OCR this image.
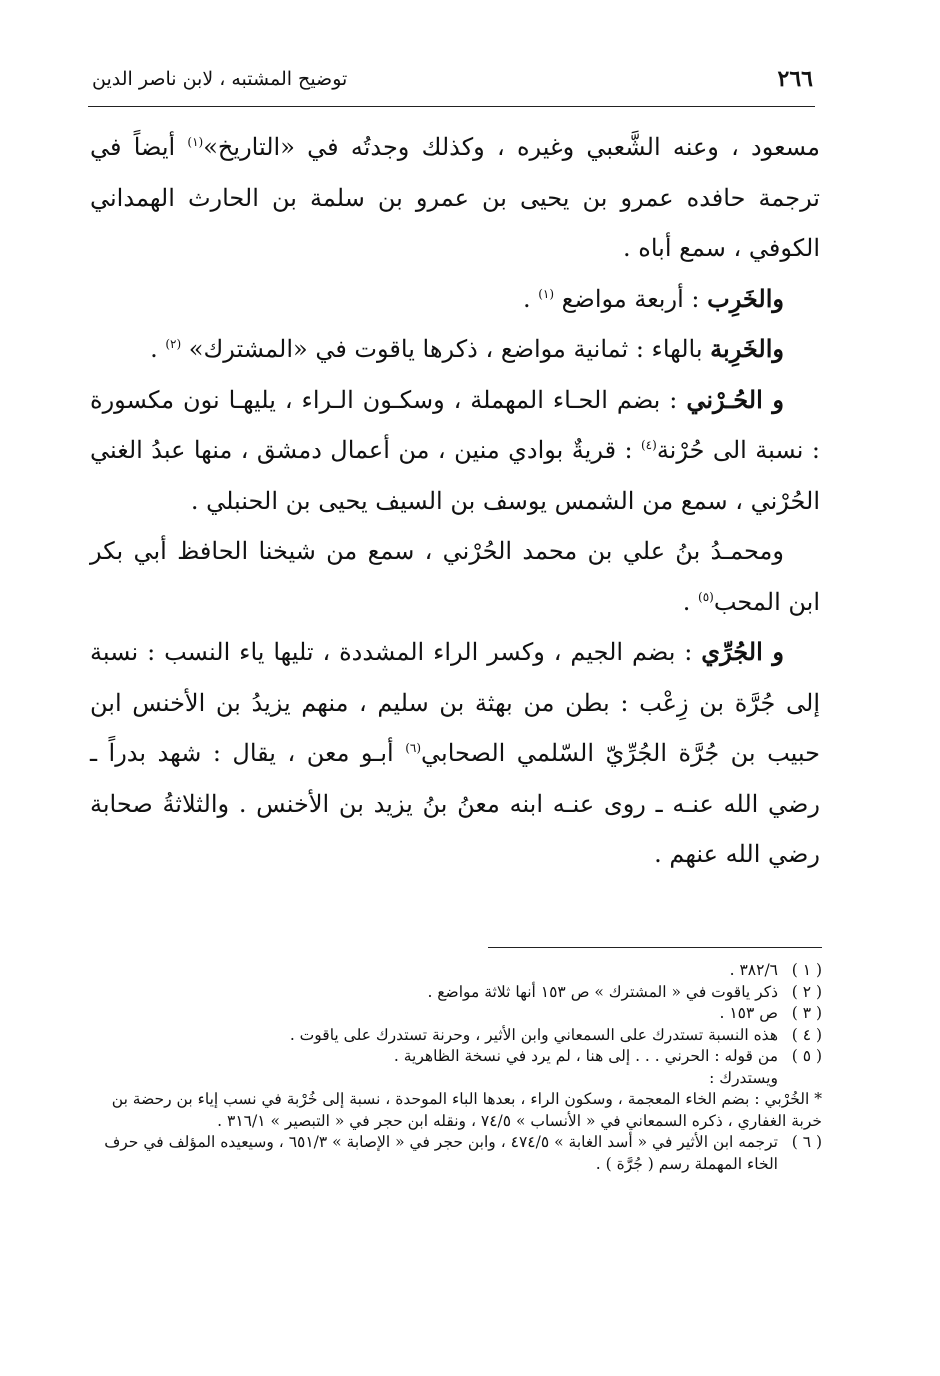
٢٦٦
توضيح المشتبه ، لابن ناصر الدين

مسعود ، وعنه الشَّعبي وغيره ، وكذلك وجدتُه في «التاريخ»$^{(١)}$ أيضاً في ترجمة حافده عمرو بن يحيى بن عمرو بن سلمة بن الحارث الهمداني الكوفي ، سمع أباه .

والخَرِب : أربعة مواضع $^{(١)}$ .

والخَرِبة بالهاء : ثمانية مواضع ، ذكرها ياقوت في «المشترك» $^{(٢)}$ .

و الحُـرْني : بضم الحـاء المهملة ، وسكـون الـراء ، يليهـا نون مكسورة : نسبة الى حُرْنة$^{(٤)}$ : قريةٌ بوادي منين ، من أعمال دمشق ، منها عبدُ الغني الحُرْني ، سمع من الشمس يوسف بن السيف يحيى بن الحنبلي .

ومحمـدُ بنُ علي بن محمد الحُرْني ، سمع من شيخنا الحافظ أبي بكر ابن المحب$^{(٥)}$ .

و الجُرِّي : بضم الجيم ، وكسر الراء المشددة ، تليها ياء النسب : نسبة إلى جُرَّة بن زِعْب : بطن من بهثة بن سليم ، منهم يزيدُ بن الأخنس ابن حبيب بن جُرَّة الجُرِّيّ السّلمي الصحابي$^{(٦)}$ أبـو معن ، يقال : شهد بدراً ـ رضي الله عنـه ـ روى عنـه ابنه معنُ بنُ يزيد بن الأخنس . والثلاثةُ صحابة رضي الله عنهم .

( ١ )
٣٨٢/٦ .

( ٢ )
ذكر ياقوت في « المشترك » ص ١٥٣ أنها ثلاثة مواضع .

( ٣ )
ص ١٥٣ .

( ٤ )
هذه النسبة تستدرك على السمعاني وابن الأثير ، وحرنة تستدرك على ياقوت .

( ٥ )
من قوله : الحرني . . . إلى هنا ، لم يرد في نسخة الظاهرية .

ويستدرك :

* الخُرْبي : بضم الخاء المعجمة ، وسكون الراء ، بعدها الباء الموحدة ، نسبة إلى خُرْبة في نسب إياء بن رحضة بن خربة الغفاري ، ذكره السمعاني في « الأنساب » ٧٤/٥ ، ونقله ابن حجر في « التبصير » ٣١٦/١ .

( ٦ )
ترجمه ابن الأثير في « أسد الغابة » ٤٧٤/٥ ، وابن حجر في « الإصابة » ٦٥١/٣ ، وسيعيده المؤلف في حرف الخاء المهملة رسم ( جُرَّة ) .
